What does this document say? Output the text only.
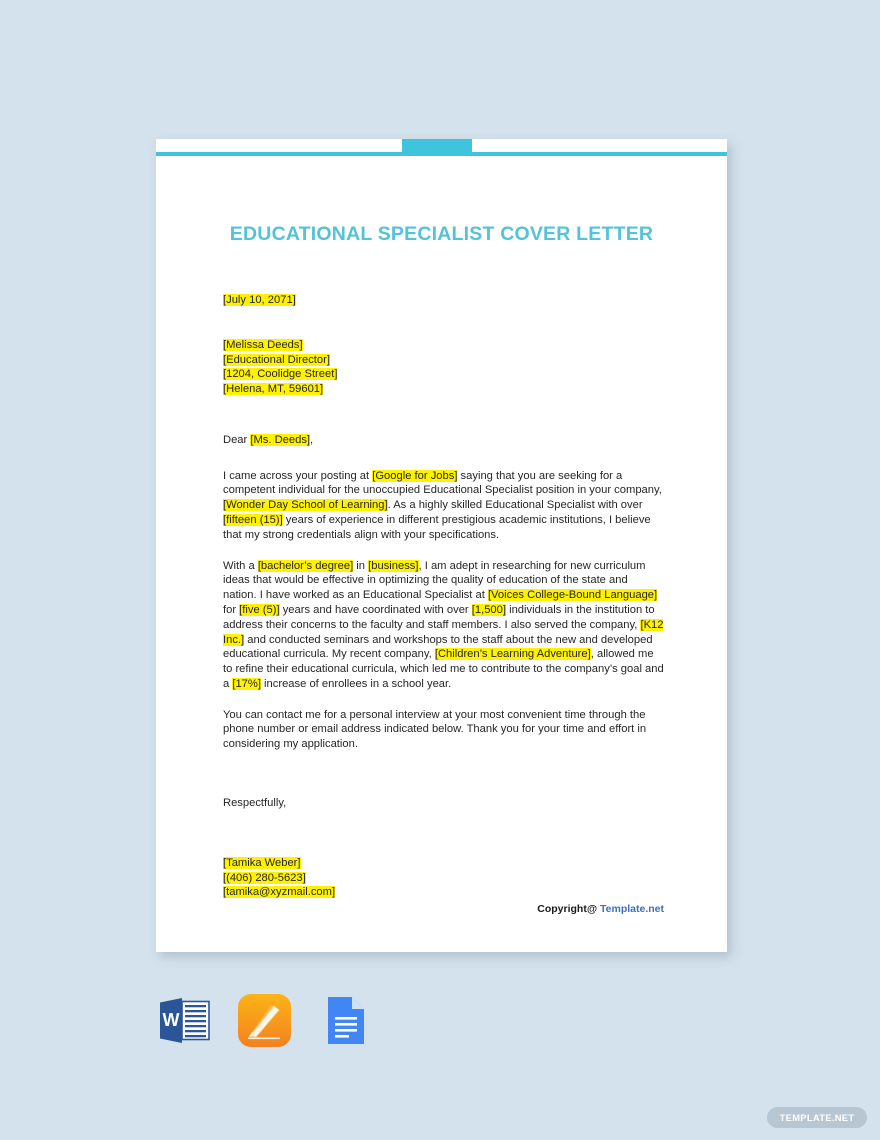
EDUCATIONAL SPECIALIST COVER LETTER
[July 10, 2071]
[Melissa Deeds]
[Educational Director]
[1204, Coolidge Street]
[Helena, MT, 59601]

Dear [Ms. Deeds],

I came across your posting at [Google for Jobs] saying that you are seeking for a competent individual for the unoccupied Educational Specialist position in your company, [Wonder Day School of Learning]. As a highly skilled Educational Specialist with over [fifteen (15)] years of experience in different prestigious academic institutions, I believe that my strong credentials align with your specifications.

With a [bachelor’s degree] in [business], I am adept in researching for new curriculum ideas that would be effective in optimizing the quality of education of the state and nation. I have worked as an Educational Specialist at [Voices College-Bound Language] for [five (5)] years and have coordinated with over [1,500] individuals in the institution to address their concerns to the faculty and staff members. I also served the company, [K12 Inc.] and conducted seminars and workshops to the staff about the new and developed educational curricula. My recent company, [Children’s Learning Adventure], allowed me to refine their educational curricula, which led me to contribute to the company’s goal and a [17%] increase of enrollees in a school year.

You can contact me for a personal interview at your most convenient time through the phone number or email address indicated below. Thank you for your time and effort in considering my application.

Respectfully,

[Tamika Weber]
[(406) 280-5623]
[tamika@xyzmail.com]
Copyright@ Template.net
W
TEMPLATE.NET
